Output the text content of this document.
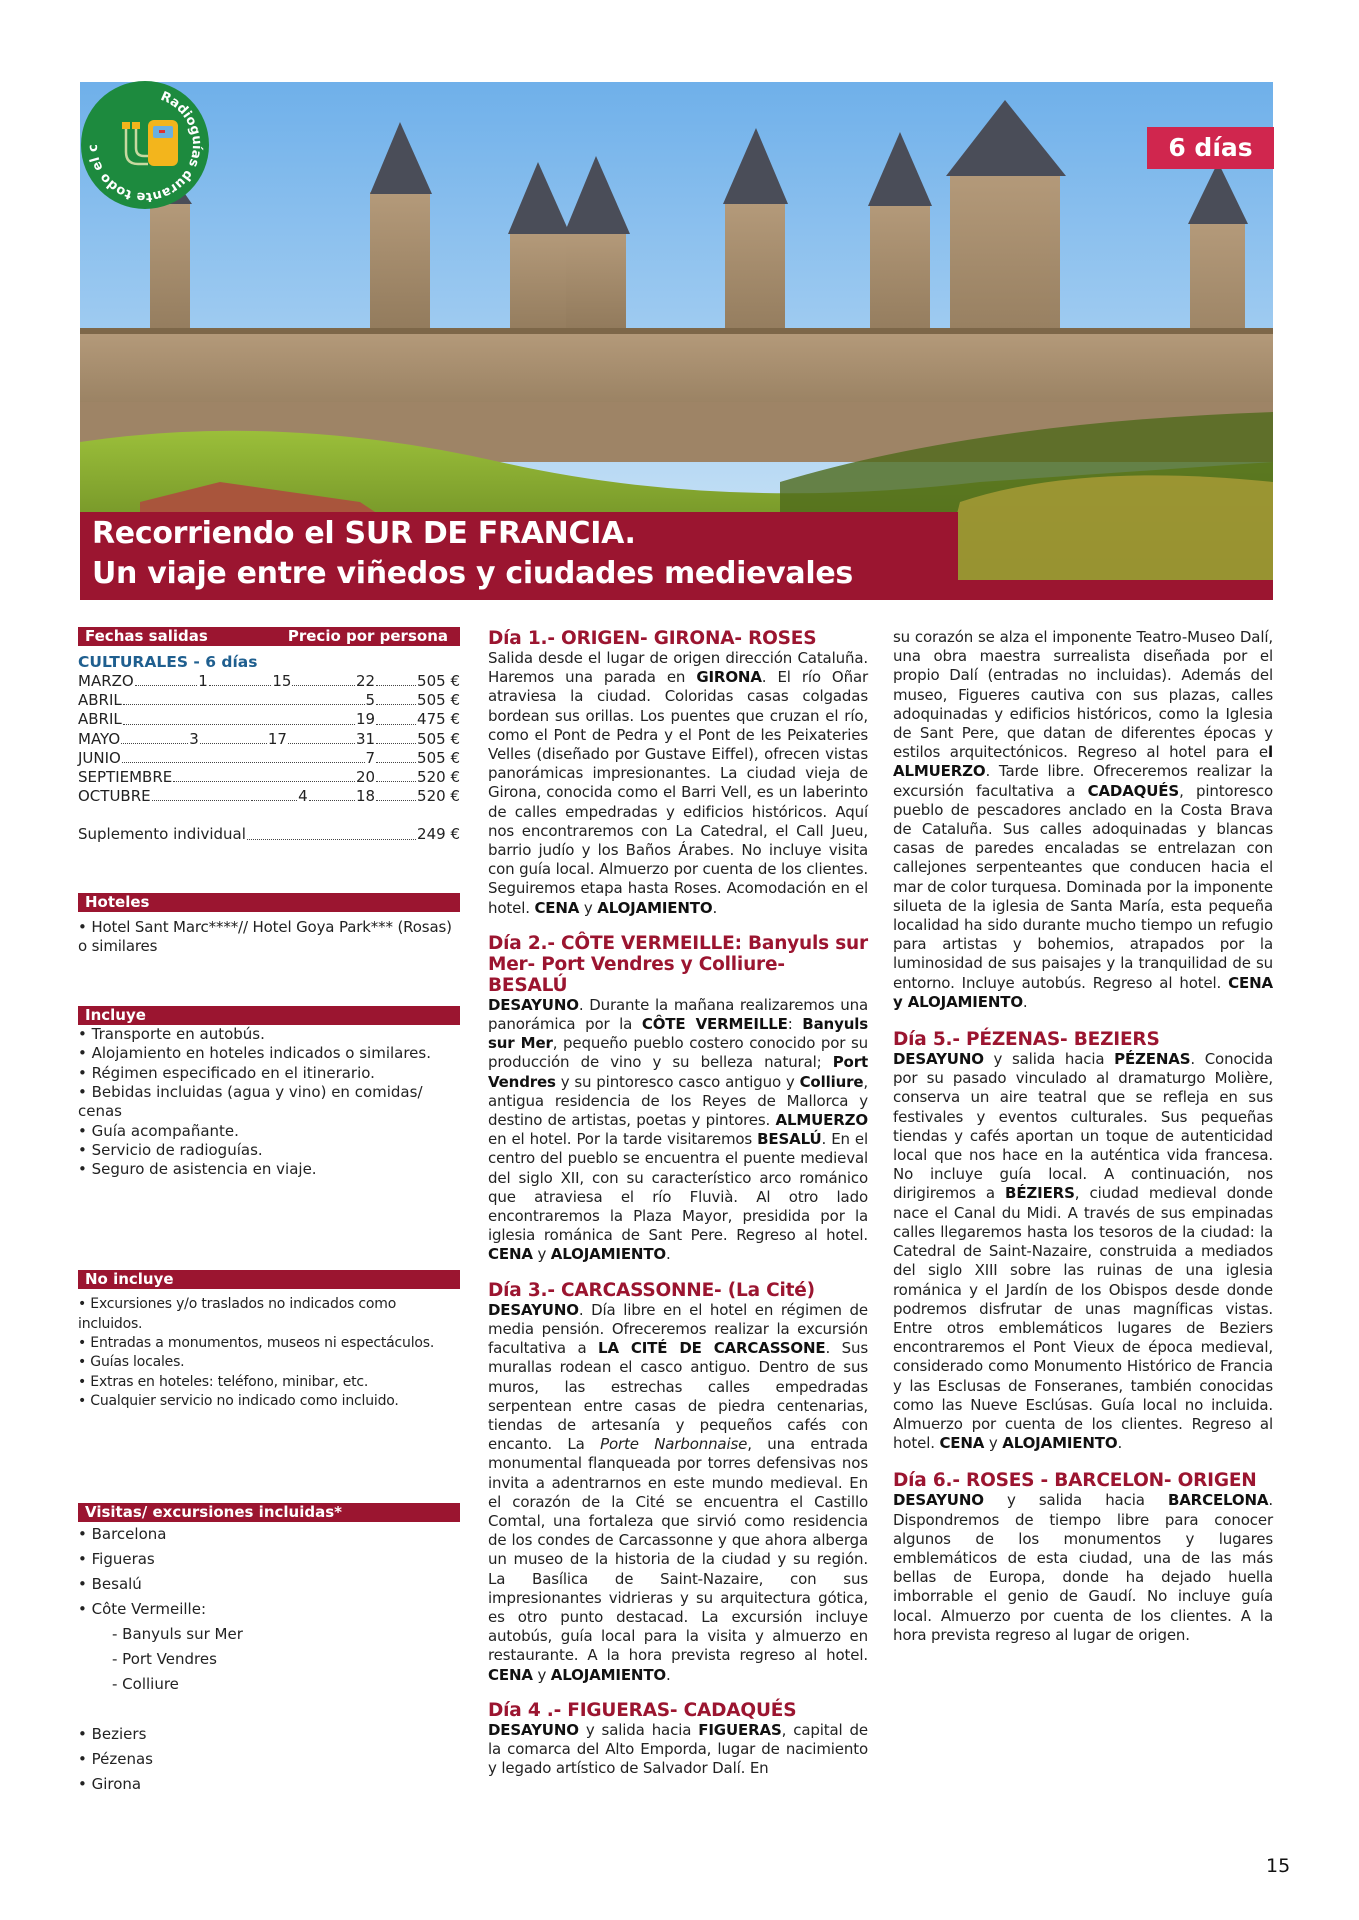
Radioguías durante todo el c	6 días
Recorriendo el SUR DE FRANCIA.
Un viaje entre viñedos y ciudades medievales
Fechas salidas	Precio por persona
CULTURALES - 6 días
MARZO	1	15	22	505 €
ABRIL	5	505 €
ABRIL	19	475 €
MAYO	3	17	31	505 €
JUNIO	7	505 €
SEPTIEMBRE	20	520 €
OCTUBRE	4	18	520 €
Suplemento individual	249 €
Hoteles

• Hotel Sant Marc****// Hotel Goya Park*** (Rosas) o similares

Incluye
• Transporte en autobús.
• Alojamiento en hoteles indicados o similares.
• Régimen especificado en el itinerario.
• Bebidas incluidas (agua y vino) en comidas/ cenas
• Guía acompañante.
• Servicio de radioguías.
• Seguro de asistencia en viaje.
No incluye
• Excursiones y/o traslados no indicados como incluidos.
• Entradas a monumentos, museos ni espectáculos.
• Guías locales.
• Extras en hoteles: teléfono, minibar, etc.
• Cualquier servicio no indicado como incluido.
Visitas/ excursiones incluidas*
• Barcelona
• Figueras
• Besalú
• Côte Vermeille:
- Banyuls sur Mer
- Port Vendres
- Colliure

• Beziers
• Pézenas
• Girona
Día 1.- ORIGEN- GIRONA- ROSES

Salida desde el lugar de origen dirección Cataluña. Haremos una parada en GIRONA. El río Oñar atraviesa la ciudad. Coloridas casas colgadas bordean sus orillas. Los puentes que cruzan el río, como el Pont de Pedra y el Pont de les Peixateries Velles (diseñado por Gustave Eiffel), ofrecen vistas panorámicas impresionantes. La ciudad vieja de Girona, conocida como el Barri Vell, es un laberinto de calles empedradas y edificios históricos. Aquí nos encontraremos con La Catedral, el Call Jueu, barrio judío y los Baños Árabes. No incluye visita con guía local. Almuerzo por cuenta de los clientes. Seguiremos etapa hasta Roses. Acomodación en el hotel. CENA y ALOJAMIENTO.

Día 2.- CÔTE VERMEILLE: Banyuls sur Mer- Port Vendres y Colliure- BESALÚ

DESAYUNO. Durante la mañana realizaremos una panorámica por la CÔTE VERMEILLE: Banyuls sur Mer, pequeño pueblo costero conocido por su producción de vino y su belleza natural; Port Vendres y su pintoresco casco antiguo y Colliure, antigua residencia de los Reyes de Mallorca y destino de artistas, poetas y pintores. ALMUERZO en el hotel. Por la tarde visitaremos BESALÚ. En el centro del pueblo se encuentra el puente medieval del siglo XII, con su característico arco románico que atraviesa el río Fluvià. Al otro lado encontraremos la Plaza Mayor, presidida por la iglesia románica de Sant Pere. Regreso al hotel. CENA y ALOJAMIENTO.

Día 3.- CARCASSONNE- (La Cité)

DESAYUNO. Día libre en el hotel en régimen de media pensión. Ofreceremos realizar la excursión facultativa a LA CITÉ DE CARCASSONE. Sus murallas rodean el casco antiguo. Dentro de sus muros, las estrechas calles empedradas serpentean entre casas de piedra centenarias, tiendas de artesanía y pequeños cafés con encanto. La Porte Narbonnaise, una entrada monumental flanqueada por torres defensivas nos invita a adentrarnos en este mundo medieval. En el corazón de la Cité se encuentra el Castillo Comtal, una fortaleza que sirvió como residencia de los condes de Carcassonne y que ahora alberga un museo de la historia de la ciudad y su región. La Basílica de Saint-Nazaire, con sus impresionantes vidrieras y su arquitectura gótica, es otro punto destacad. La excursión incluye autobús, guía local para la visita y almuerzo en restaurante. A la hora prevista regreso al hotel. CENA y ALOJAMIENTO.

Día 4 .- FIGUERAS- CADAQUÉS

DESAYUNO y salida hacia FIGUERAS, capital de la comarca del Alto Emporda, lugar de nacimiento y legado artístico de Salvador Dalí. En

su corazón se alza el imponente Teatro-Museo Dalí, una obra maestra surrealista diseñada por el propio Dalí (entradas no incluidas). Además del museo, Figueres cautiva con sus plazas, calles adoquinadas y edificios históricos, como la Iglesia de Sant Pere, que datan de diferentes épocas y estilos arquitectónicos. Regreso al hotel para el ALMUERZO. Tarde libre. Ofreceremos realizar la excursión facultativa a CADAQUÉS, pintoresco pueblo de pescadores anclado en la Costa Brava de Cataluña. Sus calles adoquinadas y blancas casas de paredes encaladas se entrelazan con callejones serpenteantes que conducen hacia el mar de color turquesa. Dominada por la imponente silueta de la iglesia de Santa María, esta pequeña localidad ha sido durante mucho tiempo un refugio para artistas y bohemios, atrapados por la luminosidad de sus paisajes y la tranquilidad de su entorno. Incluye autobús. Regreso al hotel. CENA y ALOJAMIENTO.

Día 5.- PÉZENAS- BEZIERS

DESAYUNO y salida hacia PÉZENAS. Conocida por su pasado vinculado al dramaturgo Molière, conserva un aire teatral que se refleja en sus festivales y eventos culturales. Sus pequeñas tiendas y cafés aportan un toque de autenticidad local que nos hace en la auténtica vida francesa. No incluye guía local. A continuación, nos dirigiremos a BÉZIERS, ciudad medieval donde nace el Canal du Midi. A través de sus empinadas calles llegaremos hasta los tesoros de la ciudad: la Catedral de Saint-Nazaire, construida a mediados del siglo XIII sobre las ruinas de una iglesia románica y el Jardín de los Obispos desde donde podremos disfrutar de unas magníficas vistas. Entre otros emblemáticos lugares de Beziers encontraremos el Pont Vieux de época medieval, considerado como Monumento Histórico de Francia y las Esclusas de Fonseranes, también conocidas como las Nueve Esclúsas. Guía local no incluida. Almuerzo por cuenta de los clientes. Regreso al hotel. CENA y ALOJAMIENTO.

Día 6.- ROSES - BARCELON- ORIGEN

DESAYUNO y salida hacia BARCELONA. Dispondremos de tiempo libre para conocer algunos de los monumentos y lugares emblemáticos de esta ciudad, una de las más bellas de Europa, donde ha dejado huella imborrable el genio de Gaudí. No incluye guía local. Almuerzo por cuenta de los clientes. A la hora prevista regreso al lugar de origen.

15
